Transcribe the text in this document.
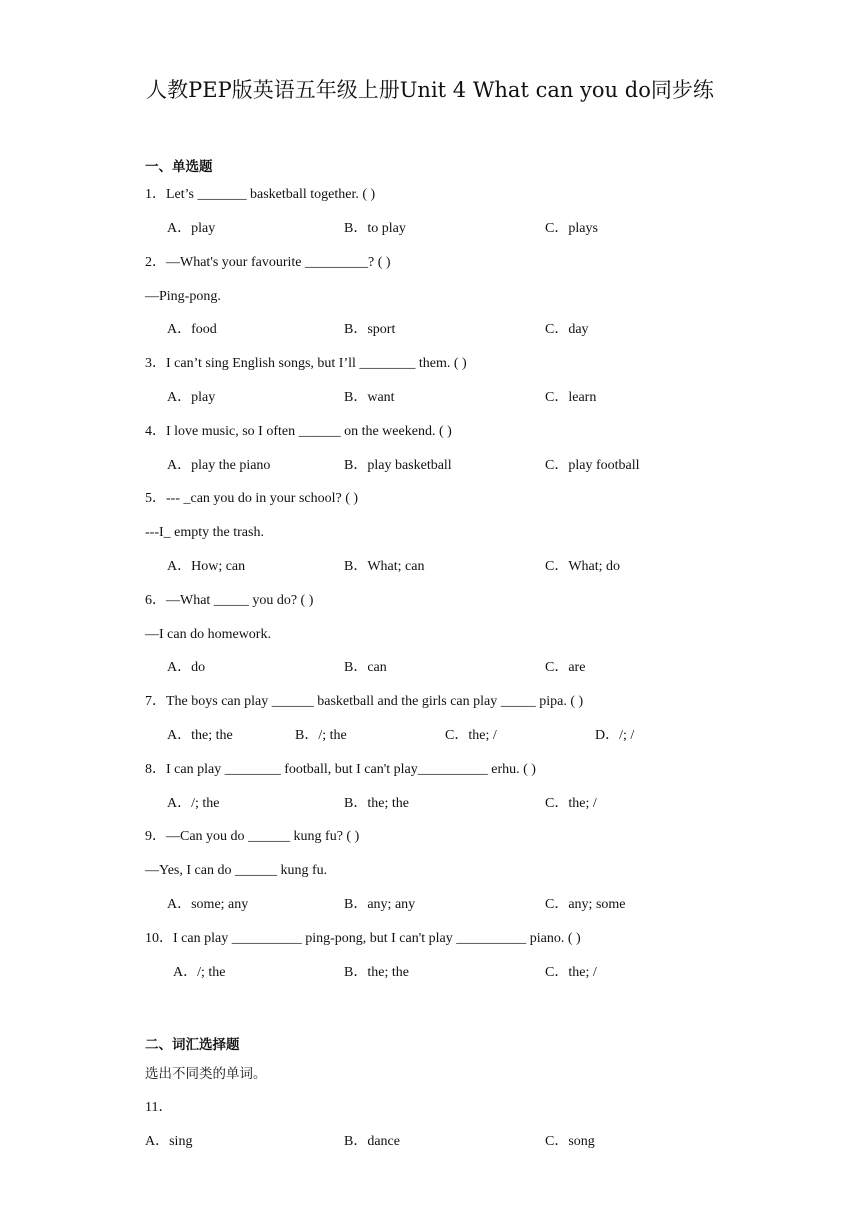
人教PEP版英语五年级上册Unit 4 What can you do同步练
一、单选题
1．Let’s _______ basketball together. ( )
A．play	B．to play	C．plays
2．—What's your favourite _________? ( )
—Ping-pong.
A．food	B．sport	C．day
3．I can’t sing English songs, but I’ll ________ them. ( )
A．play	B．want	C．learn
4．I love music, so I often ______ on the weekend. ( )
A．play the piano	B．play basketball	C．play football
5．--- _can you do in your school? ( )
---I_ empty the trash.
A．How; can	B．What; can	C．What; do
6．—What _____ you do? ( )
—I can do homework.
A．do	B．can	C．are
7．The boys can play ______ basketball and the girls can play _____ pipa. ( )
A．the; the	B．/; the	C．the; /	D．/; /
8．I can play ________ football, but I can't play__________ erhu. ( )
A．/; the	B．the; the	C．the; /
9．—Can you do ______ kung fu? ( )
—Yes, I can do ______ kung fu.
A．some; any	B．any; any	C．any; some
10．I can play __________ ping-pong, but I can't play __________ piano. ( )
A．/; the	B．the; the	C．the; /
二、词汇选择题
选出不同类的单词。
11．
A．sing	B．dance	C．song
